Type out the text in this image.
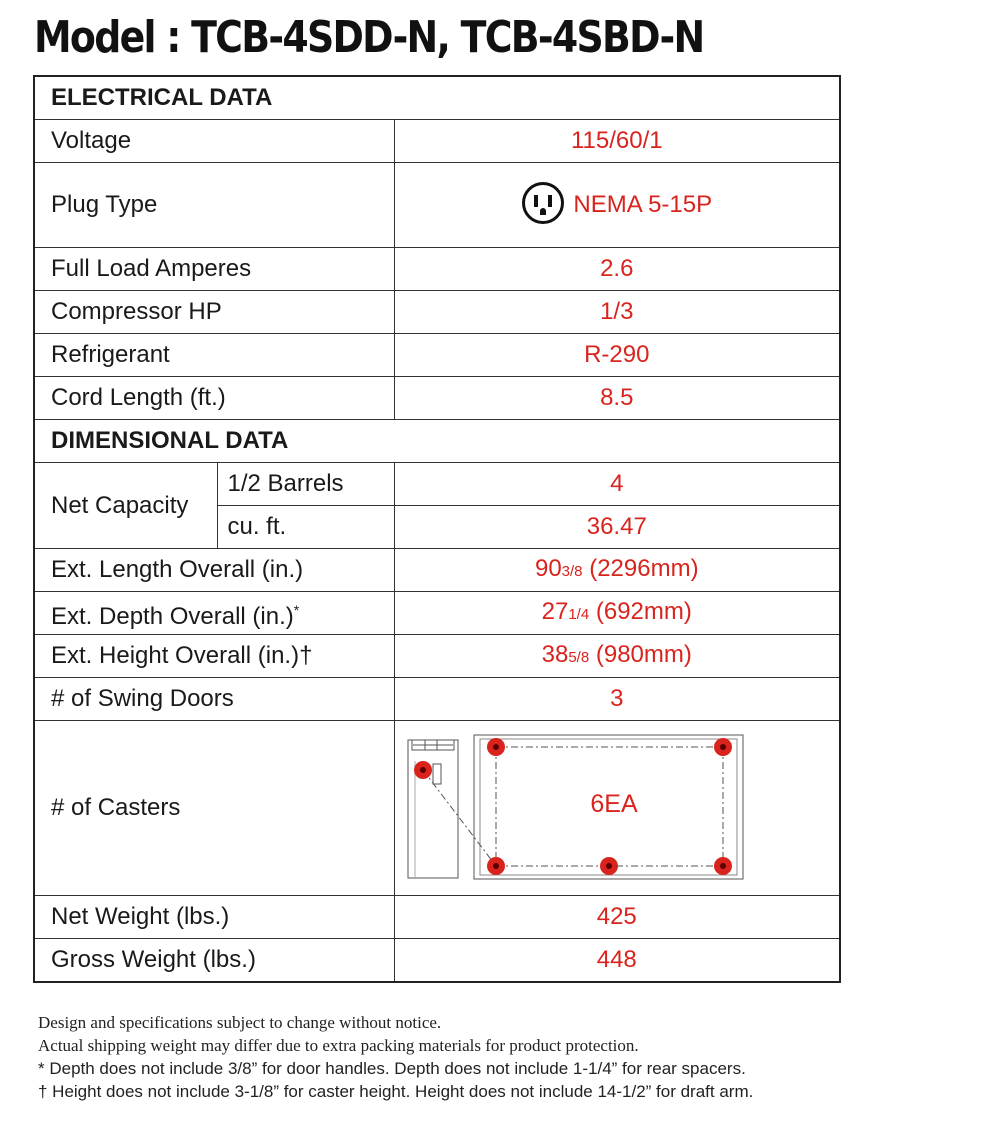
Model : TCB-4SDD-N, TCB-4SBD-N
ELECTRICAL DATA		
Voltage		115/60/1
Plug Type		NEMA 5-15P
Full Load Amperes		2.6
Compressor HP		1/3
Refrigerant		R-290
Cord Length (ft.)		8.5
DIMENSIONAL DATA		
Net Capacity	1/2 Barrels	4
	cu. ft.	36.47
Ext. Length Overall (in.)		903/8 (2296mm)
Ext. Depth Overall (in.)*		271/4 (692mm)
Ext. Height Overall (in.)†		385/8 (980mm)
# of Swing Doors		3
# of Casters		6EA

Net Weight (lbs.)		425
Gross Weight (lbs.)		448
Design and specifications subject to change without notice.
Actual shipping weight may differ due to extra packing materials for product protection.
* Depth does not include 3/8” for door handles. Depth does not include 1-1/4” for rear spacers.
† Height does not include 3-1/8” for caster height. Height does not include 14-1/2” for draft arm.
